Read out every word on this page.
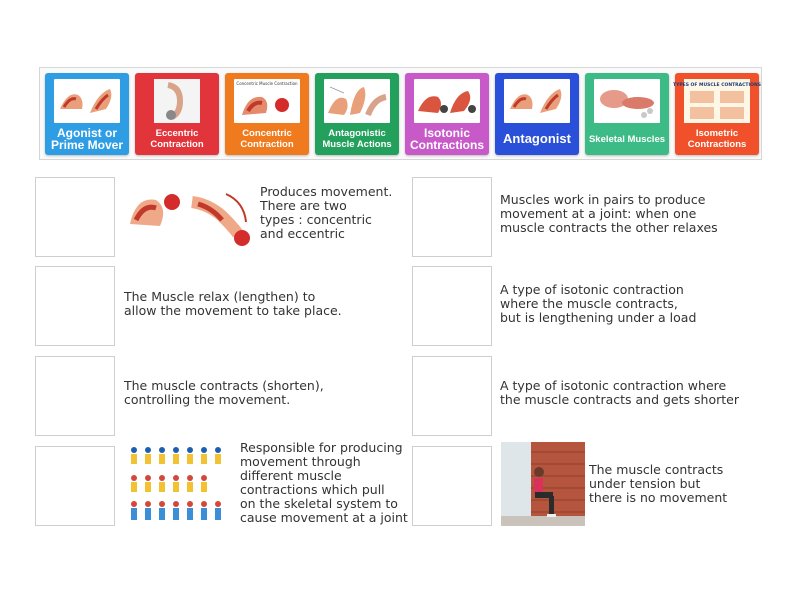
Agonist or Prime Mover
Eccentric Contraction
Concentric Muscle Contraction
Concentric Contraction
Antagonistic Muscle Actions
Isotonic Contractions	Antagonist	Skeletal Muscles
TYPES OF MUSCLE CONTRACTIONS
Isometric Contractions
Produces movement.
There are two
types : concentric
and eccentric
The Muscle relax (lengthen) to
allow the movement to take place.
The muscle contracts (shorten),
controlling the movement.
Responsible for producing
movement through
different muscle
contractions which pull
on the skeletal system to
cause movement at a joint
Muscles work in pairs to produce
movement at a joint: when one
muscle contracts the other relaxes
A type of isotonic contraction
where the muscle contracts,
but is lengthening under a load
A type of isotonic contraction where
the muscle contracts and gets shorter
The muscle contracts
under tension but
there is no movement
